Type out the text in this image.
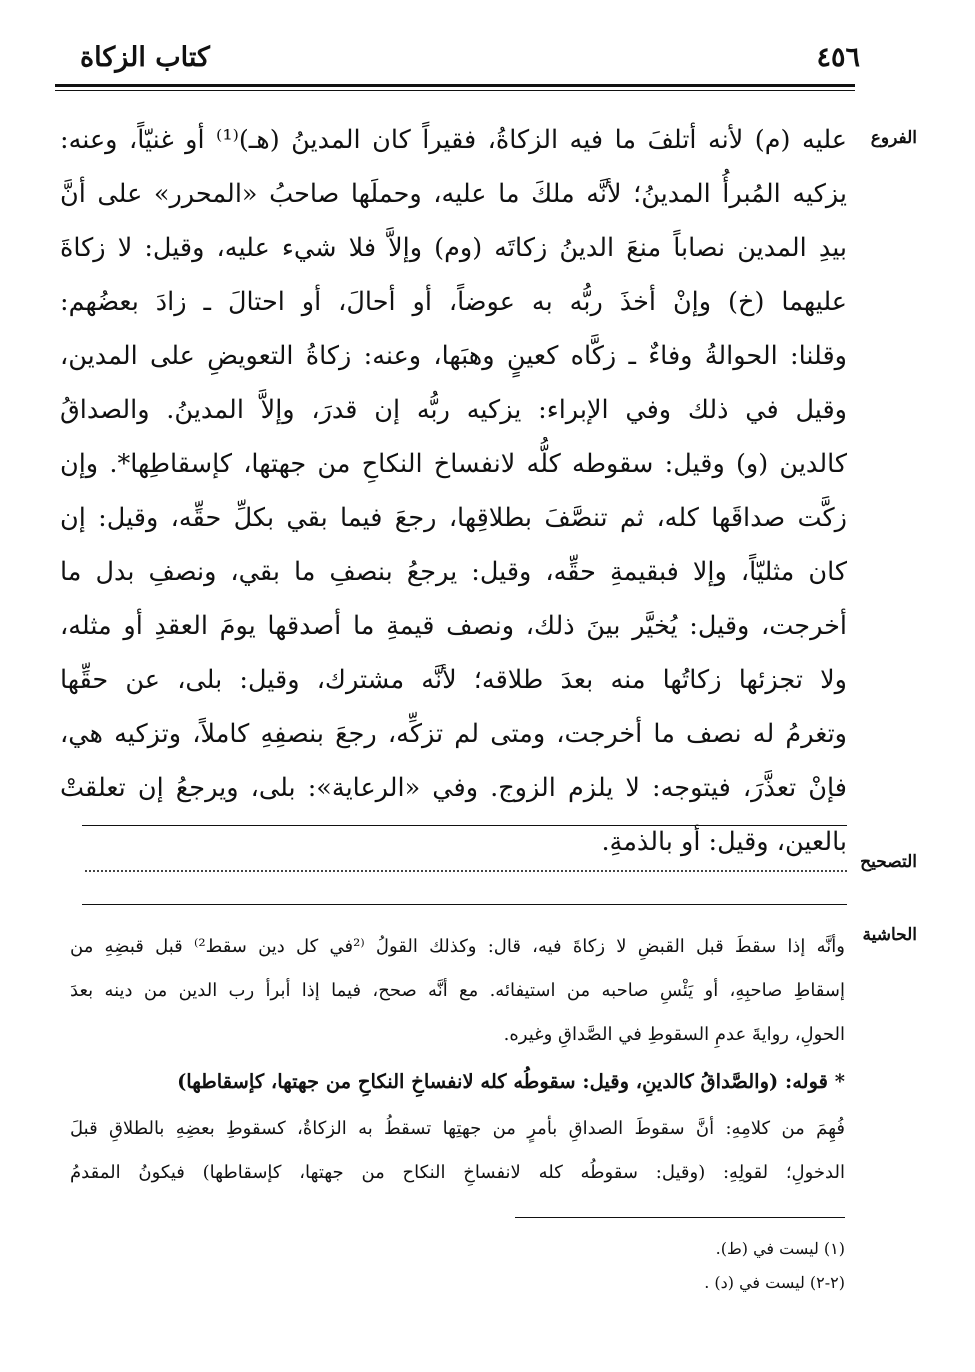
٤٥٦
كتاب الزكاة
الفروع
عليه (م) لأنه أتلفَ ما فيه الزكاةُ، فقيراً كان المدينُ (هـ)⁽¹⁾ أو غنيّاً، وعنه:
يزكيه المُبرأُ المدينُ؛ لأنَّه ملكَ ما عليه، وحملَها صاحبُ «المحرر» على أنَّ
بيدِ المدين نصاباً منعَ الدينُ زكاتَه (وم) وإلاَّ فلا شيء عليه، وقيل: لا زكاةَ
عليهما (خ) وإنْ أخذَ ربُّه به عوضاً، أو أحالَ، أو احتالَ ـ زادَ بعضُهم:
وقلنا: الحوالةُ وفاءٌ ـ زكَّاه كعينٍ وهبَها، وعنه: زكاةُ التعويضِ على المدين،
وقيل في ذلك وفي الإبراء: يزكيه ربُّه إن قدرَ، وإلاَّ المدينُ. والصداقُ
كالدين (و) وقيل: سقوطه كلُّه لانفساخ النكاحِ من جهتها، كإسقاطِها*. وإن
زكَّت صداقَها كله، ثم تنصَّفَ بطلاقِها، رجعَ فيما بقي بكلِّ حقِّه، وقيل: إن
كان مثليّاً، وإلا فبقيمةِ حقِّه، وقيل: يرجعُ بنصفِ ما بقي، ونصفِ بدل ما
أخرجت، وقيل: يُخيَّر بينَ ذلك، ونصف قيمةِ ما أصدقها يومَ العقدِ أو مثله،
ولا تجزئها زكاتُها منه بعدَ طلاقه؛ لأنَّه مشترك، وقيل: بلى، عن حقِّها
وتغرمُ له نصف ما أخرجت، ومتى لم تزكِّه، رجعَ بنصفِهِ كاملاً، وتزكيه هي،
فإنْ تعذَّرَ، فيتوجه: لا يلزم الزوج. وفي «الرعاية»: بلى، ويرجعُ إن تعلقتْ
بالعين، وقيل: أو بالذمةِ.
التصحيح
الحاشية
وأنَّه إذا سقطَ قبل القبضِ لا زكاةَ فيه، قال: وكذلك القولُ ⁽²في كل دين سقط²⁾ قبل قبضِهِ من
إسقاطِ صاحبِهِ، أو يَئْسِ صاحبه من استيفائه. مع أنَّه صحح، فيما إذا أبرأ رب الدين من دينه بعدَ
الحولِ، روايةَ عدمِ السقوطِ في الصَّداقِ وغيره.
* قوله: (والصَّداقُ كالدينِ، وقيل: سقوطُه كله لانفساخِ النكاحِ من جهتها، كإسقاطها)
فُهِمَ من كلامِهِ: أنَّ سقوطَ الصداقِ بأمرٍ من جهتِها تسقطُ به الزكاةُ، كسقوطِ بعضِهِ بالطلاقِ قبلَ
الدخولِ؛ لقولِهِ: (وقيل: سقوطُه كله لانفساخِ النكاح من جهتها، كإسقاطها) فيكونُ المقدمُ
(١) ليست في (ط).
(٢-٢) ليست في (د) .
